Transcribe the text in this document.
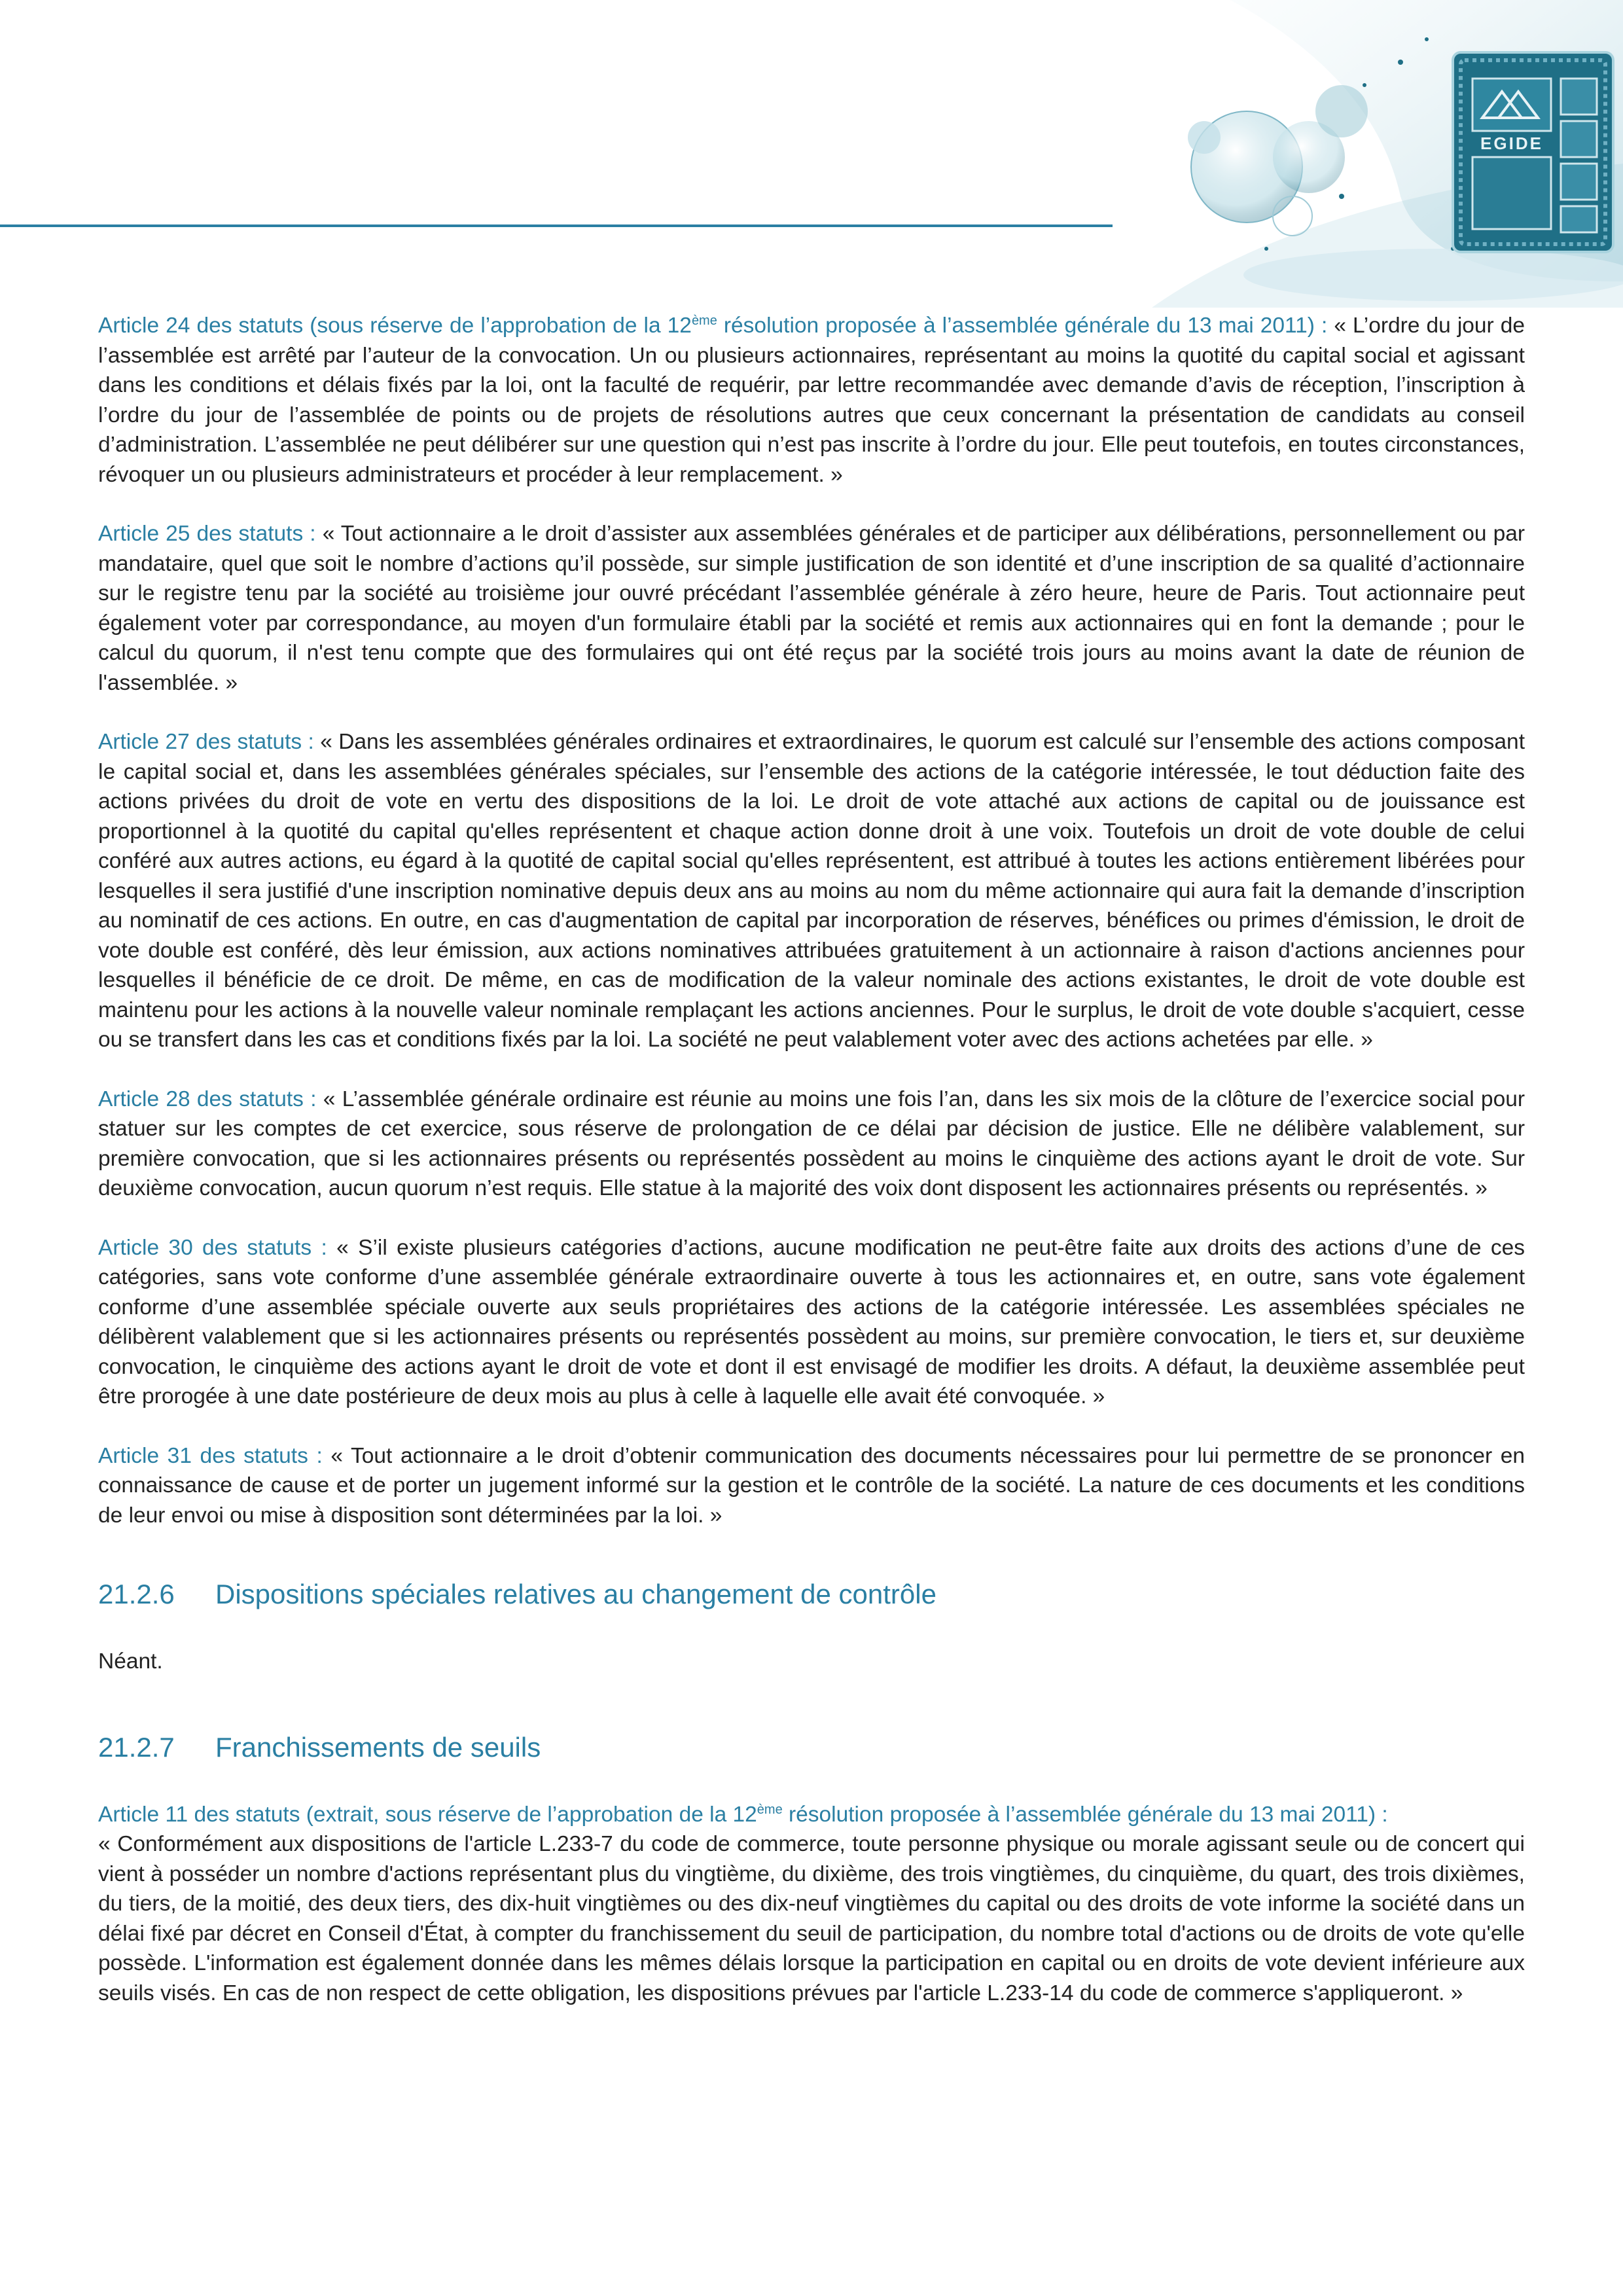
EGIDE

Article 24 des statuts (sous réserve de l’approbation de la 12ème résolution proposée à l’assemblée générale du 13 mai 2011) : « L’ordre du jour de l’assemblée est arrêté par l’auteur de la convocation. Un ou plusieurs actionnaires, représentant au moins la quotité du capital social et agissant dans les conditions et délais fixés par la loi, ont la faculté de requérir, par lettre recommandée avec demande d’avis de réception, l’inscription à l’ordre du jour de l’assemblée de points ou de projets de résolutions autres que ceux concernant la présentation de candidats au conseil d’administration. L’assemblée ne peut délibérer sur une question qui n’est pas inscrite à l’ordre du jour. Elle peut toutefois, en toutes circonstances, révoquer un ou plusieurs administrateurs et procéder à leur remplacement. »

Article 25 des statuts : « Tout actionnaire a le droit d’assister aux assemblées générales et de participer aux délibérations, personnellement ou par mandataire, quel que soit le nombre d’actions qu’il possède, sur simple justification de son identité et d’une inscription de sa qualité d’actionnaire sur le registre tenu par la société au troisième jour ouvré précédant l’assemblée générale à zéro heure, heure de Paris. Tout actionnaire peut également voter par correspondance, au moyen d'un formulaire établi par la société et remis aux actionnaires qui en font la demande ; pour le calcul du quorum, il n'est tenu compte que des formulaires qui ont été reçus par la société trois jours au moins avant la date de réunion de l'assemblée. »

Article 27 des statuts : « Dans les assemblées générales ordinaires et extraordinaires, le quorum est calculé sur l’ensemble des actions composant le capital social et, dans les assemblées générales spéciales, sur l’ensemble des actions de la catégorie intéressée, le tout déduction faite des actions privées du droit de vote en vertu des dispositions de la loi. Le droit de vote attaché aux actions de capital ou de jouissance est proportionnel à la quotité du capital qu'elles représentent et chaque action donne droit à une voix. Toutefois un droit de vote double de celui conféré aux autres actions, eu égard à la quotité de capital social qu'elles représentent, est attribué à toutes les actions entièrement libérées pour lesquelles il sera justifié d'une inscription nominative depuis deux ans au moins au nom du même actionnaire qui aura fait la demande d’inscription au nominatif de ces actions. En outre, en cas d'augmentation de capital par incorporation de réserves, bénéfices ou primes d'émission, le droit de vote double est conféré, dès leur émission, aux actions nominatives attribuées gratuitement à un actionnaire à raison d'actions anciennes pour lesquelles il bénéficie de ce droit. De même, en cas de modification de la valeur nominale des actions existantes, le droit de vote double est maintenu pour les actions à la nouvelle valeur nominale remplaçant les actions anciennes. Pour le surplus, le droit de vote double s'acquiert, cesse ou se transfert dans les cas et conditions fixés par la loi. La société ne peut valablement voter avec des actions achetées par elle. »

Article 28 des statuts : « L’assemblée générale ordinaire est réunie au moins une fois l’an, dans les six mois de la clôture de l’exercice social pour statuer sur les comptes de cet exercice, sous réserve de prolongation de ce délai par décision de justice. Elle ne délibère valablement, sur première convocation, que si les actionnaires présents ou représentés possèdent au moins le cinquième des actions ayant le droit de vote. Sur deuxième convocation, aucun quorum n’est requis. Elle statue à la majorité des voix dont disposent les actionnaires présents ou représentés. »

Article 30 des statuts : « S’il existe plusieurs catégories d’actions, aucune modification ne peut-être faite aux droits des actions d’une de ces catégories, sans vote conforme d’une assemblée générale extraordinaire ouverte à tous les actionnaires et, en outre, sans vote également conforme d’une assemblée spéciale ouverte aux seuls propriétaires des actions de la catégorie intéressée. Les assemblées spéciales ne délibèrent valablement que si les actionnaires présents ou représentés possèdent au moins, sur première convocation, le tiers et, sur deuxième convocation, le cinquième des actions ayant le droit de vote et dont il est envisagé de modifier les droits. A défaut, la deuxième assemblée peut être prorogée à une date postérieure de deux mois au plus à celle à laquelle elle avait été convoquée. »

Article 31 des statuts : « Tout actionnaire a le droit d’obtenir communication des documents nécessaires pour lui permettre de se prononcer en connaissance de cause et de porter un jugement informé sur la gestion et le contrôle de la société. La nature de ces documents et les conditions de leur envoi ou mise à disposition sont déterminées par la loi. »

21.2.6 Dispositions spéciales relatives au changement de contrôle

Néant.

21.2.7 Franchissements de seuils

Article 11 des statuts (extrait, sous réserve de l’approbation de la 12ème résolution proposée à l’assemblée générale du 13 mai 2011) :

« Conformément aux dispositions de l'article L.233-7 du code de commerce, toute personne physique ou morale agissant seule ou de concert qui vient à posséder un nombre d'actions représentant plus du vingtième, du dixième, des trois vingtièmes, du cinquième, du quart, des trois dixièmes, du tiers, de la moitié, des deux tiers, des dix-huit vingtièmes ou des dix-neuf vingtièmes du capital ou des droits de vote informe la société dans un délai fixé par décret en Conseil d'État, à compter du franchissement du seuil de participation, du nombre total d'actions ou de droits de vote qu'elle possède. L'information est également donnée dans les mêmes délais lorsque la participation en capital ou en droits de vote devient inférieure aux seuils visés. En cas de non respect de cette obligation, les dispositions prévues par l'article L.233-14 du code de commerce s'appliqueront. »
